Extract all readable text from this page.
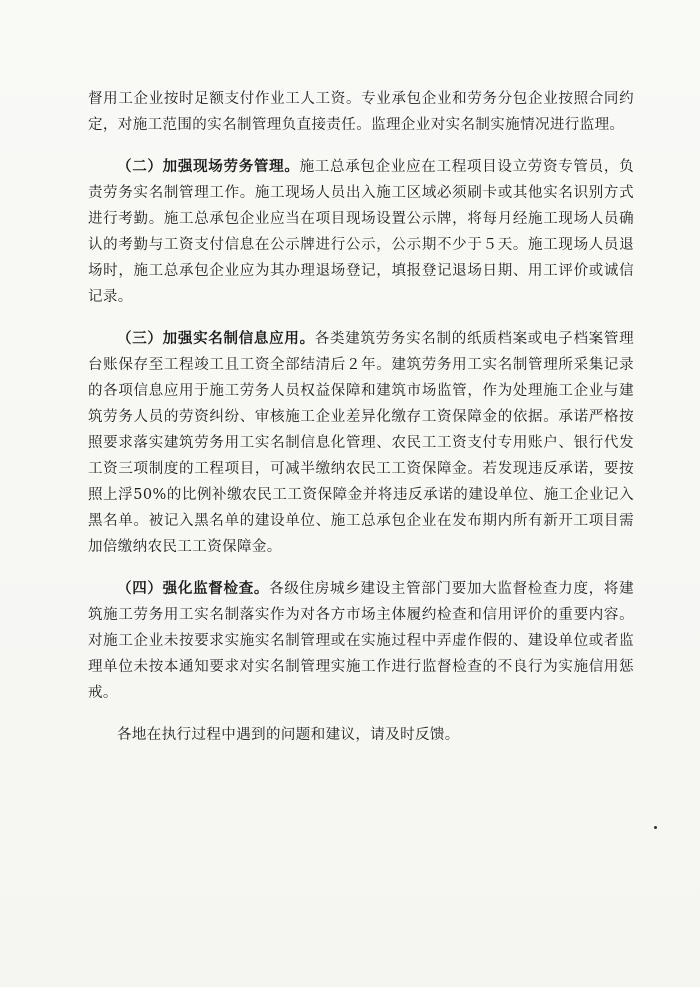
督用工企业按时足额支付作业工人工资。专业承包企业和劳务分包企业按照合同约定，对施工范围的实名制管理负直接责任。监理企业对实名制实施情况进行监理。

（二）加强现场劳务管理。施工总承包企业应在工程项目设立劳资专管员，负责劳务实名制管理工作。施工现场人员出入施工区域必须刷卡或其他实名识别方式进行考勤。施工总承包企业应当在项目现场设置公示牌，将每月经施工现场人员确认的考勤与工资支付信息在公示牌进行公示，公示期不少于５天。施工现场人员退场时，施工总承包企业应为其办理退场登记，填报登记退场日期、用工评价或诚信记录。

（三）加强实名制信息应用。各类建筑劳务实名制的纸质档案或电子档案管理台账保存至工程竣工且工资全部结清后２年。建筑劳务用工实名制管理所采集记录的各项信息应用于施工劳务人员权益保障和建筑市场监管，作为处理施工企业与建筑劳务人员的劳资纠纷、审核施工企业差异化缴存工资保障金的依据。承诺严格按照要求落实建筑劳务用工实名制信息化管理、农民工工资支付专用账户、银行代发工资三项制度的工程项目，可减半缴纳农民工工资保障金。若发现违反承诺，要按照上浮50%的比例补缴农民工工资保障金并将违反承诺的建设单位、施工企业记入黑名单。被记入黑名单的建设单位、施工总承包企业在发布期内所有新开工项目需加倍缴纳农民工工资保障金。

（四）强化监督检查。各级住房城乡建设主管部门要加大监督检查力度，将建筑施工劳务用工实名制落实作为对各方市场主体履约检查和信用评价的重要内容。对施工企业未按要求实施实名制管理或在实施过程中弄虚作假的、建设单位或者监理单位未按本通知要求对实名制管理实施工作进行监督检查的不良行为实施信用惩戒。

各地在执行过程中遇到的问题和建议，请及时反馈。
